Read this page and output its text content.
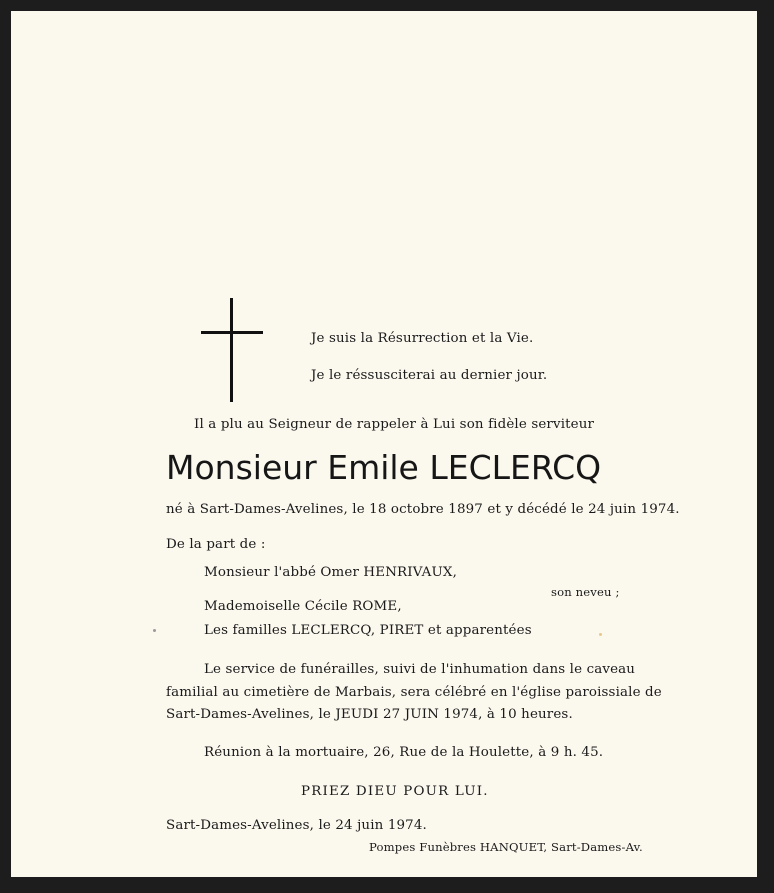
Je suis la Résurrection et la Vie.
Je le réssusciterai au dernier jour.
Il a plu au Seigneur de rappeler à Lui son fidèle serviteur
Monsieur Emile LECLERCQ
né à Sart-Dames-Avelines, le 18 octobre 1897 et y décédé le 24 juin 1974.
De la part de :
Monsieur l'abbé Omer HENRIVAUX,
son neveu ;
Mademoiselle Cécile ROME,
Les familles LECLERCQ, PIRET et apparentées
Le service de funérailles, suivi de l'inhumation dans le caveau
familial au cimetière de Marbais, sera célébré en l'église paroissiale de
Sart-Dames-Avelines, le JEUDI 27 JUIN 1974, à 10 heures.
Réunion à la mortuaire, 26, Rue de la Houlette, à 9 h. 45.
PRIEZ DIEU POUR LUI.
Sart-Dames-Avelines, le 24 juin 1974.
Pompes Funèbres HANQUET, Sart-Dames-Av.
